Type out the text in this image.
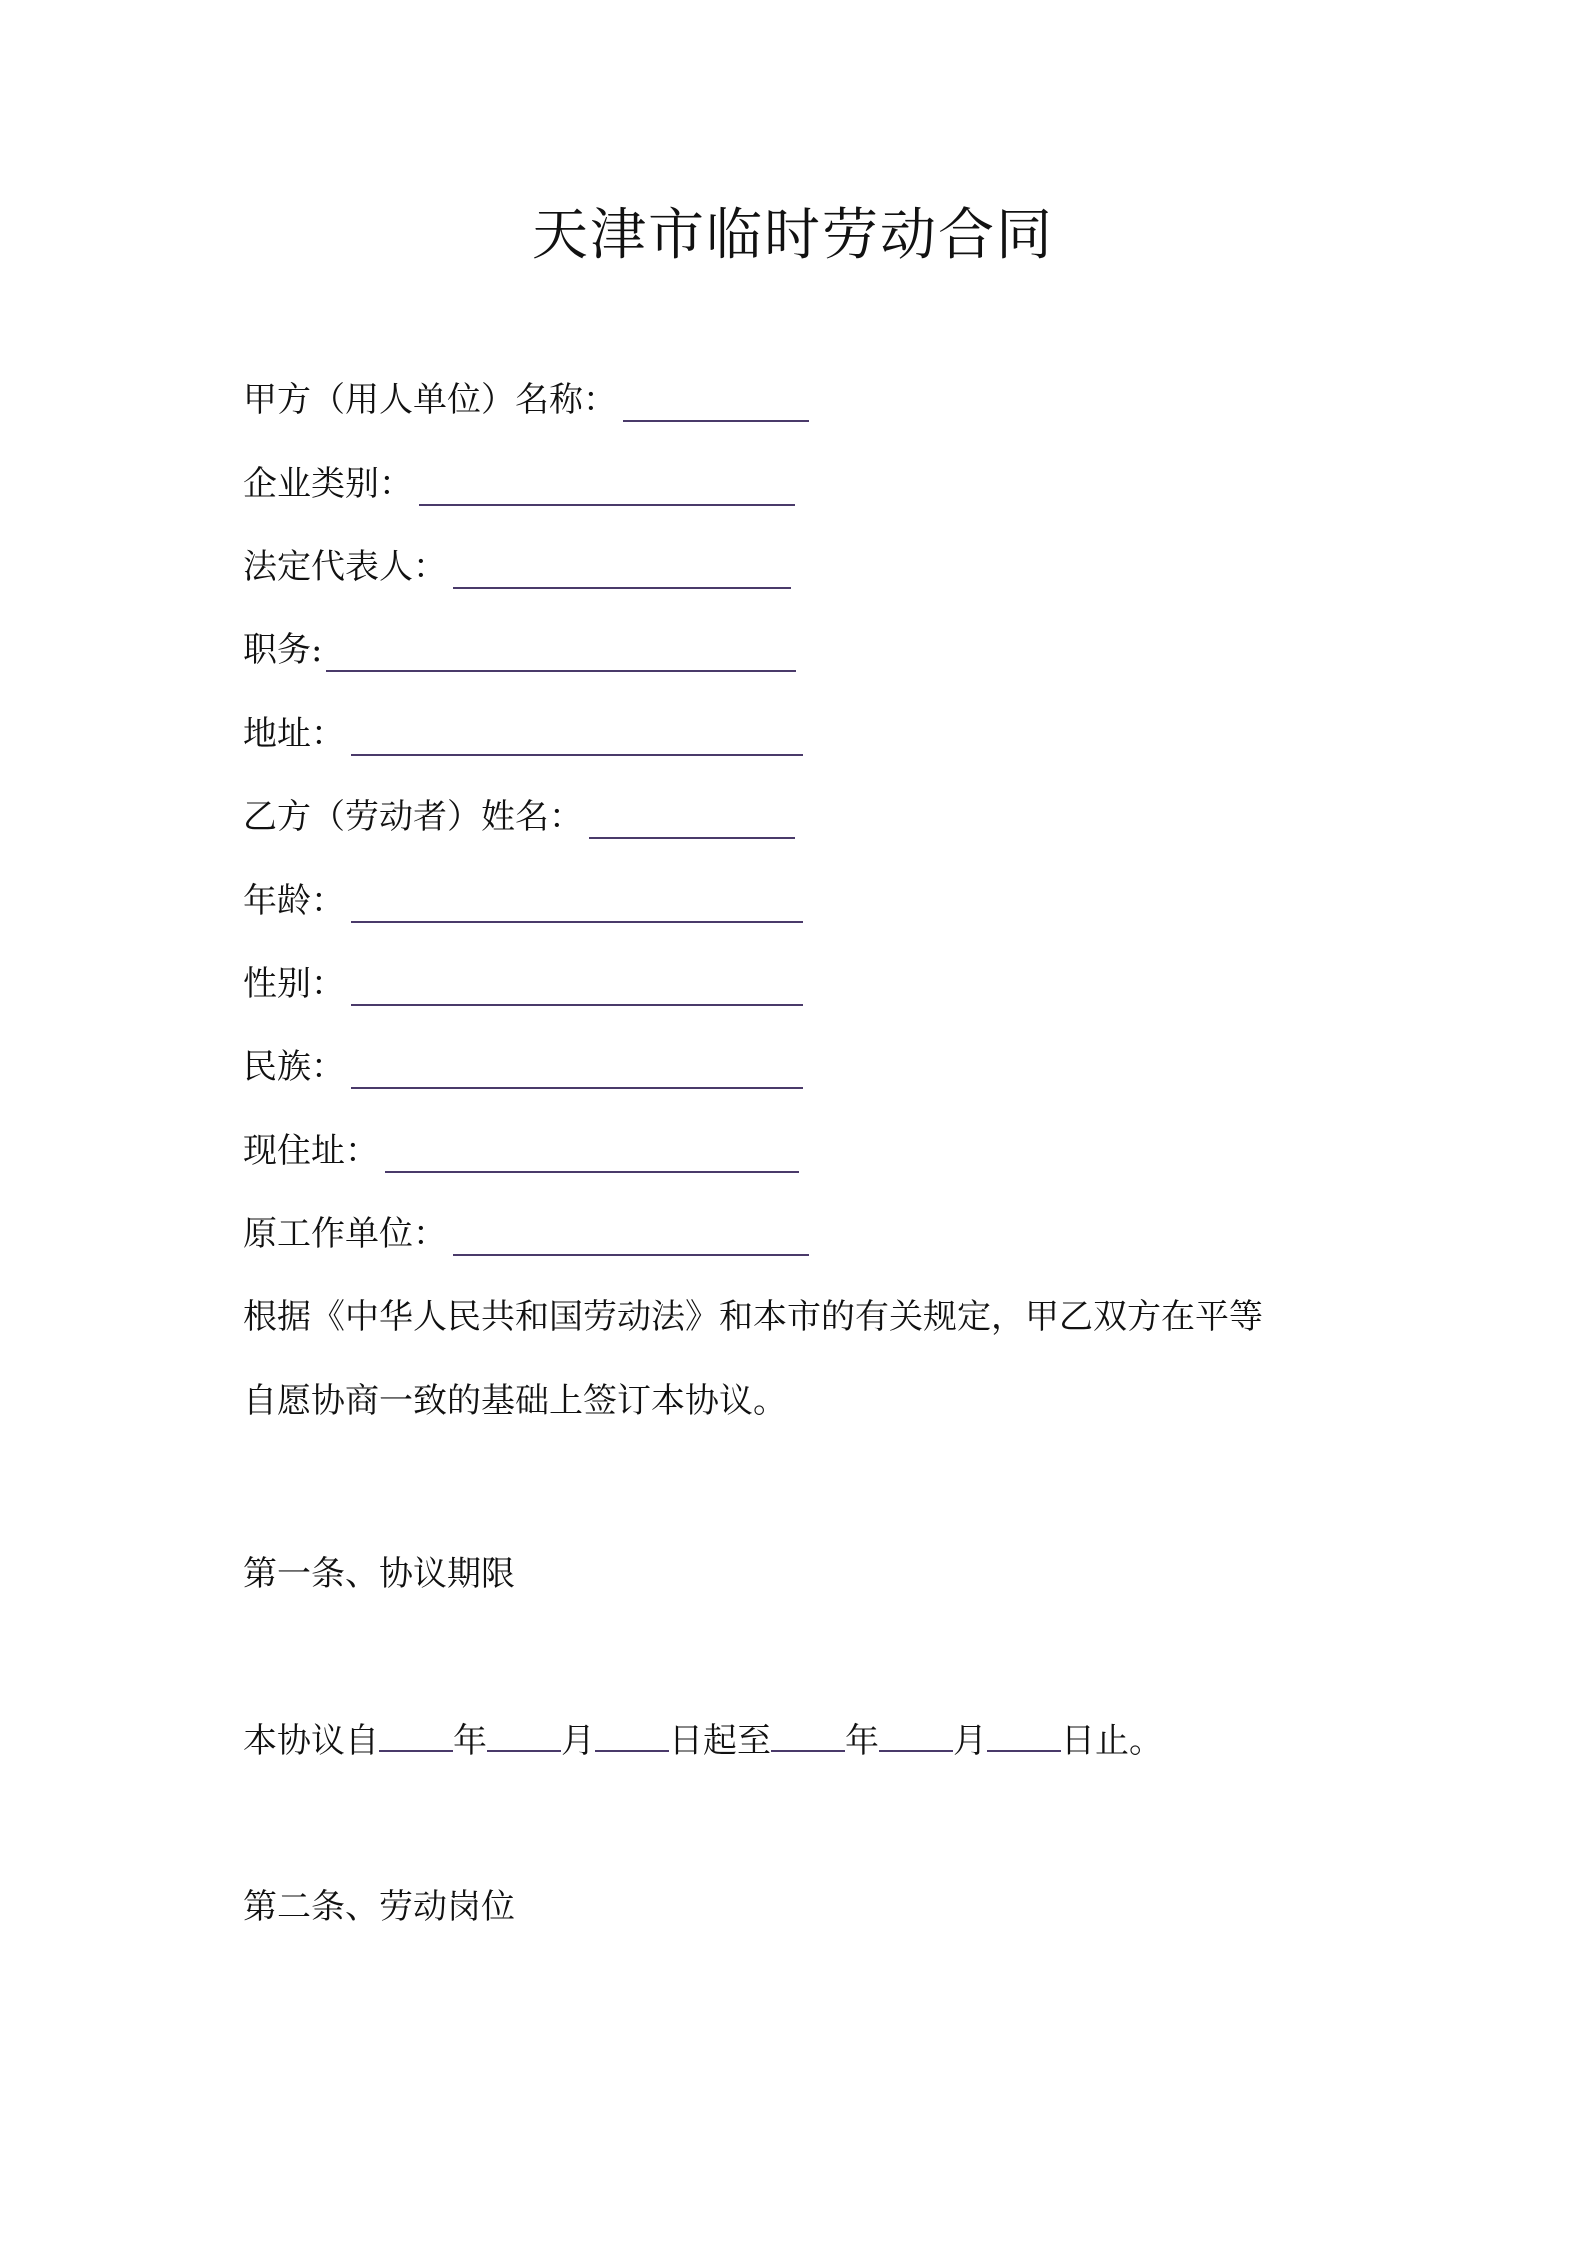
天津市临时劳动合同
甲方（用人单位）名称：
企业类别：
法定代表人：
职务:
地址：
乙方（劳动者）姓名：
年龄：
性别：
民族：
现住址：
原工作单位：
根据《中华人民共和国劳动法》和本市的有关规定，甲乙双方在平等
自愿协商一致的基础上签订本协议。
第一条、协议期限
本协议自 年 月 日起至 年 月 日止。
第二条、劳动岗位
